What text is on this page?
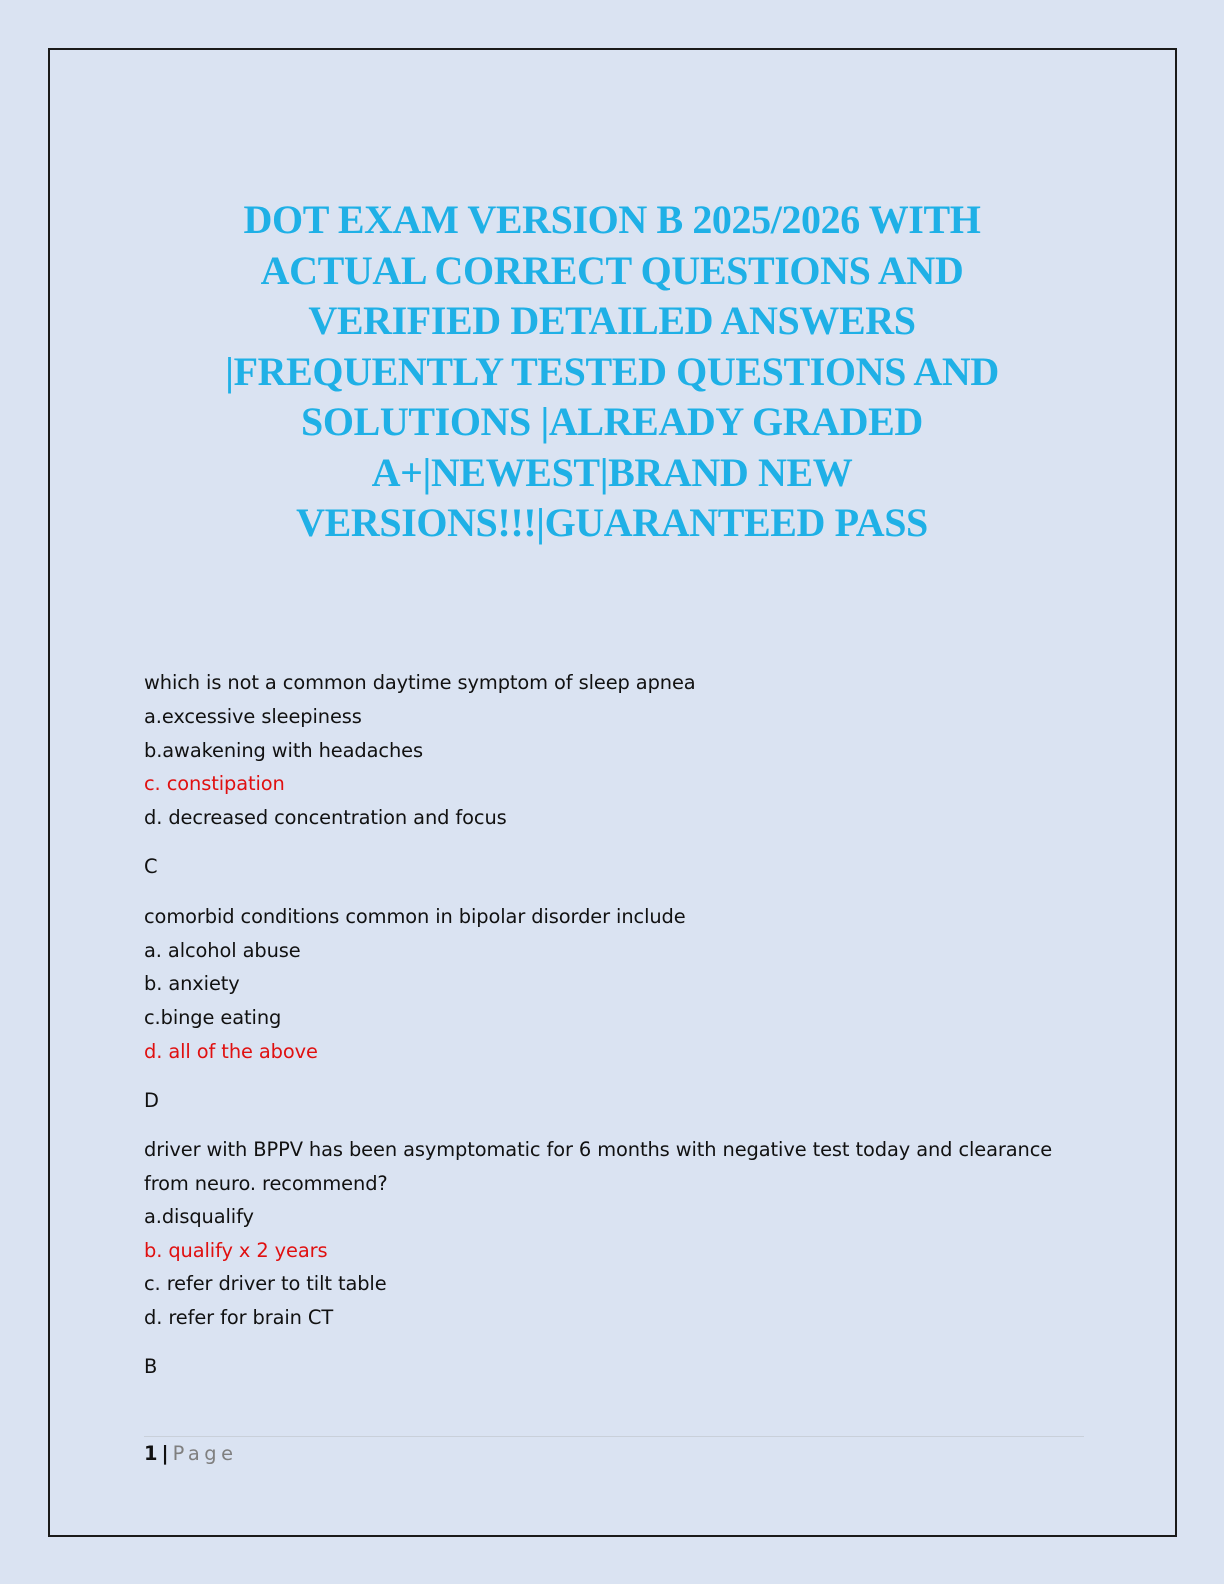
DOT EXAM VERSION B 2025/2026 WITH
ACTUAL CORRECT QUESTIONS AND
VERIFIED DETAILED ANSWERS
|FREQUENTLY TESTED QUESTIONS AND
SOLUTIONS |ALREADY GRADED
A+|NEWEST|BRAND NEW
VERSIONS!!!|GUARANTEED PASS
which is not a common daytime symptom of sleep apnea
a.excessive sleepiness
b.awakening with headaches
c. constipation
d. decreased concentration and focus
C
comorbid conditions common in bipolar disorder include
a. alcohol abuse
b. anxiety
c.binge eating
d. all of the above
D
driver with BPPV has been asymptomatic for 6 months with negative test today and clearance
from neuro. recommend?
a.disqualify
b. qualify x 2 years
c. refer driver to tilt table
d. refer for brain CT
B
1 | Page
